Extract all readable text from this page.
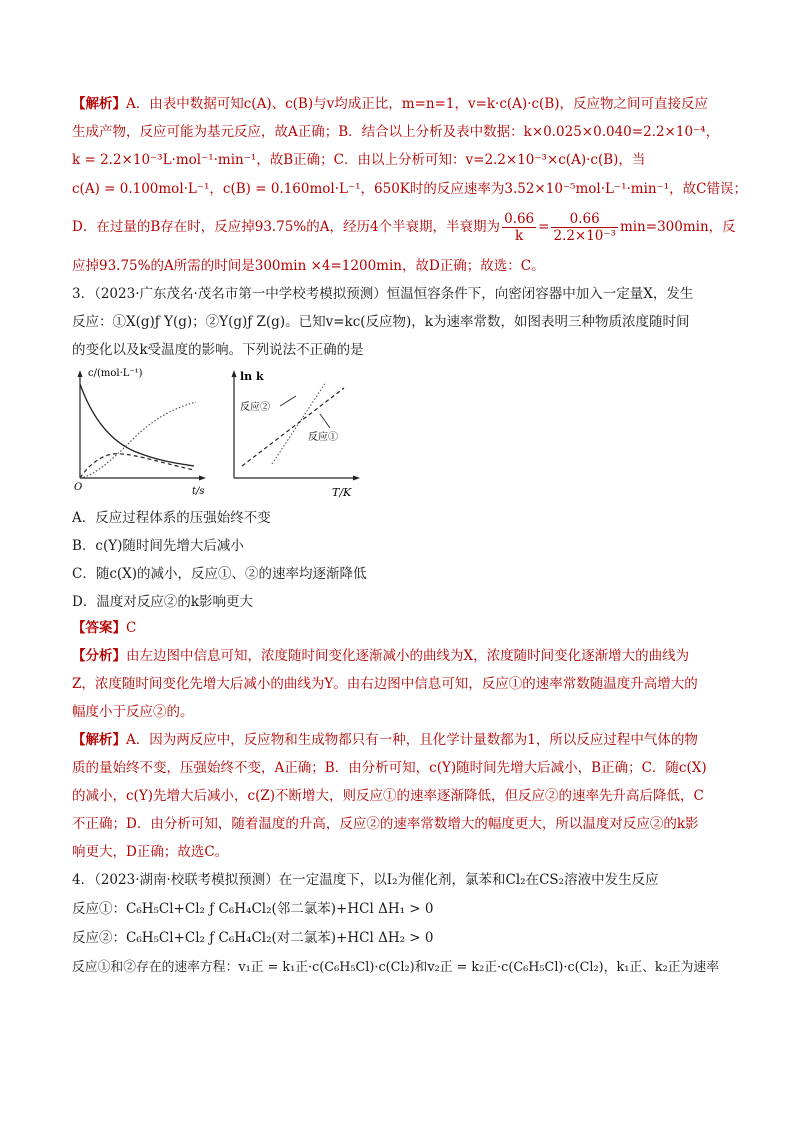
【解析】A．由表中数据可知c(A)、c(B)与v均成正比，m=n=1，v=k·c(A)·c(B)，反应物之间可直接反应
生成产物，反应可能为基元反应，故A正确；B．结合以上分析及表中数据：k×0.025×0.040=2.2×10⁻⁴，
k = 2.2×10⁻³L·mol⁻¹·min⁻¹，故B正确；C．由以上分析可知：v=2.2×10⁻³×c(A)·c(B)，当
c(A) = 0.100mol·L⁻¹，c(B) = 0.160mol·L⁻¹，650K时的反应速率为3.52×10⁻⁵mol·L⁻¹·min⁻¹，故C错误；
D．在过量的B存在时，反应掉93.75%的A，经历4个半衰期，半衰期为 $\frac{0.66}{k} = \frac{0.66}{\text{2.2×10⁻³}} \min=300\min$，反
应掉93.75%的A所需的时间是300min ×4=1200min，故D正确；故选：C。
3．（2023·广东茂名·茂名市第一中学校考模拟预测）恒温恒容条件下，向密闭容器中加入一定量X，发生
反应：①X(g)ƒ Y(g)；②Y(g)ƒ Z(g)。已知v=kc(反应物)，k为速率常数，如图表明三种物质浓度随时间
的变化以及k受温度的影响。下列说法不正确的是
c/(mol·L⁻¹)
t/s
O
ln k
T/K
反应②
反应①
A．反应过程体系的压强始终不变
B．c(Y)随时间先增大后减小
C．随c(X)的减小，反应①、②的速率均逐渐降低
D．温度对反应②的k影响更大
【答案】C
【分析】由左边图中信息可知，浓度随时间变化逐渐减小的曲线为X，浓度随时间变化逐渐增大的曲线为
Z，浓度随时间变化先增大后减小的曲线为Y。由右边图中信息可知，反应①的速率常数随温度升高增大的
幅度小于反应②的。
【解析】A．因为两反应中，反应物和生成物都只有一种，且化学计量数都为1，所以反应过程中气体的物
质的量始终不变，压强始终不变，A正确；B．由分析可知，c(Y)随时间先增大后减小，B正确；C．随c(X)
的减小，c(Y)先增大后减小，c(Z)不断增大，则反应①的速率逐渐降低，但反应②的速率先升高后降低，C
不正确；D．由分析可知，随着温度的升高，反应②的速率常数增大的幅度更大，所以温度对反应②的k影
响更大，D正确；故选C。
4．（2023·湖南·校联考模拟预测）在一定温度下，以I₂为催化剂，氯苯和Cl₂在CS₂溶液中发生反应
反应①：C₆H₅Cl+Cl₂ ƒ C₆H₄Cl₂(邻二氯苯)+HCl ΔH₁ > 0
反应②：C₆H₅Cl+Cl₂ ƒ C₆H₄Cl₂(对二氯苯)+HCl ΔH₂ > 0
反应①和②存在的速率方程：v₁正 = k₁正·c(C₆H₅Cl)·c(Cl₂)和v₂正 = k₂正·c(C₆H₅Cl)·c(Cl₂)，k₁正、k₂正为速率
